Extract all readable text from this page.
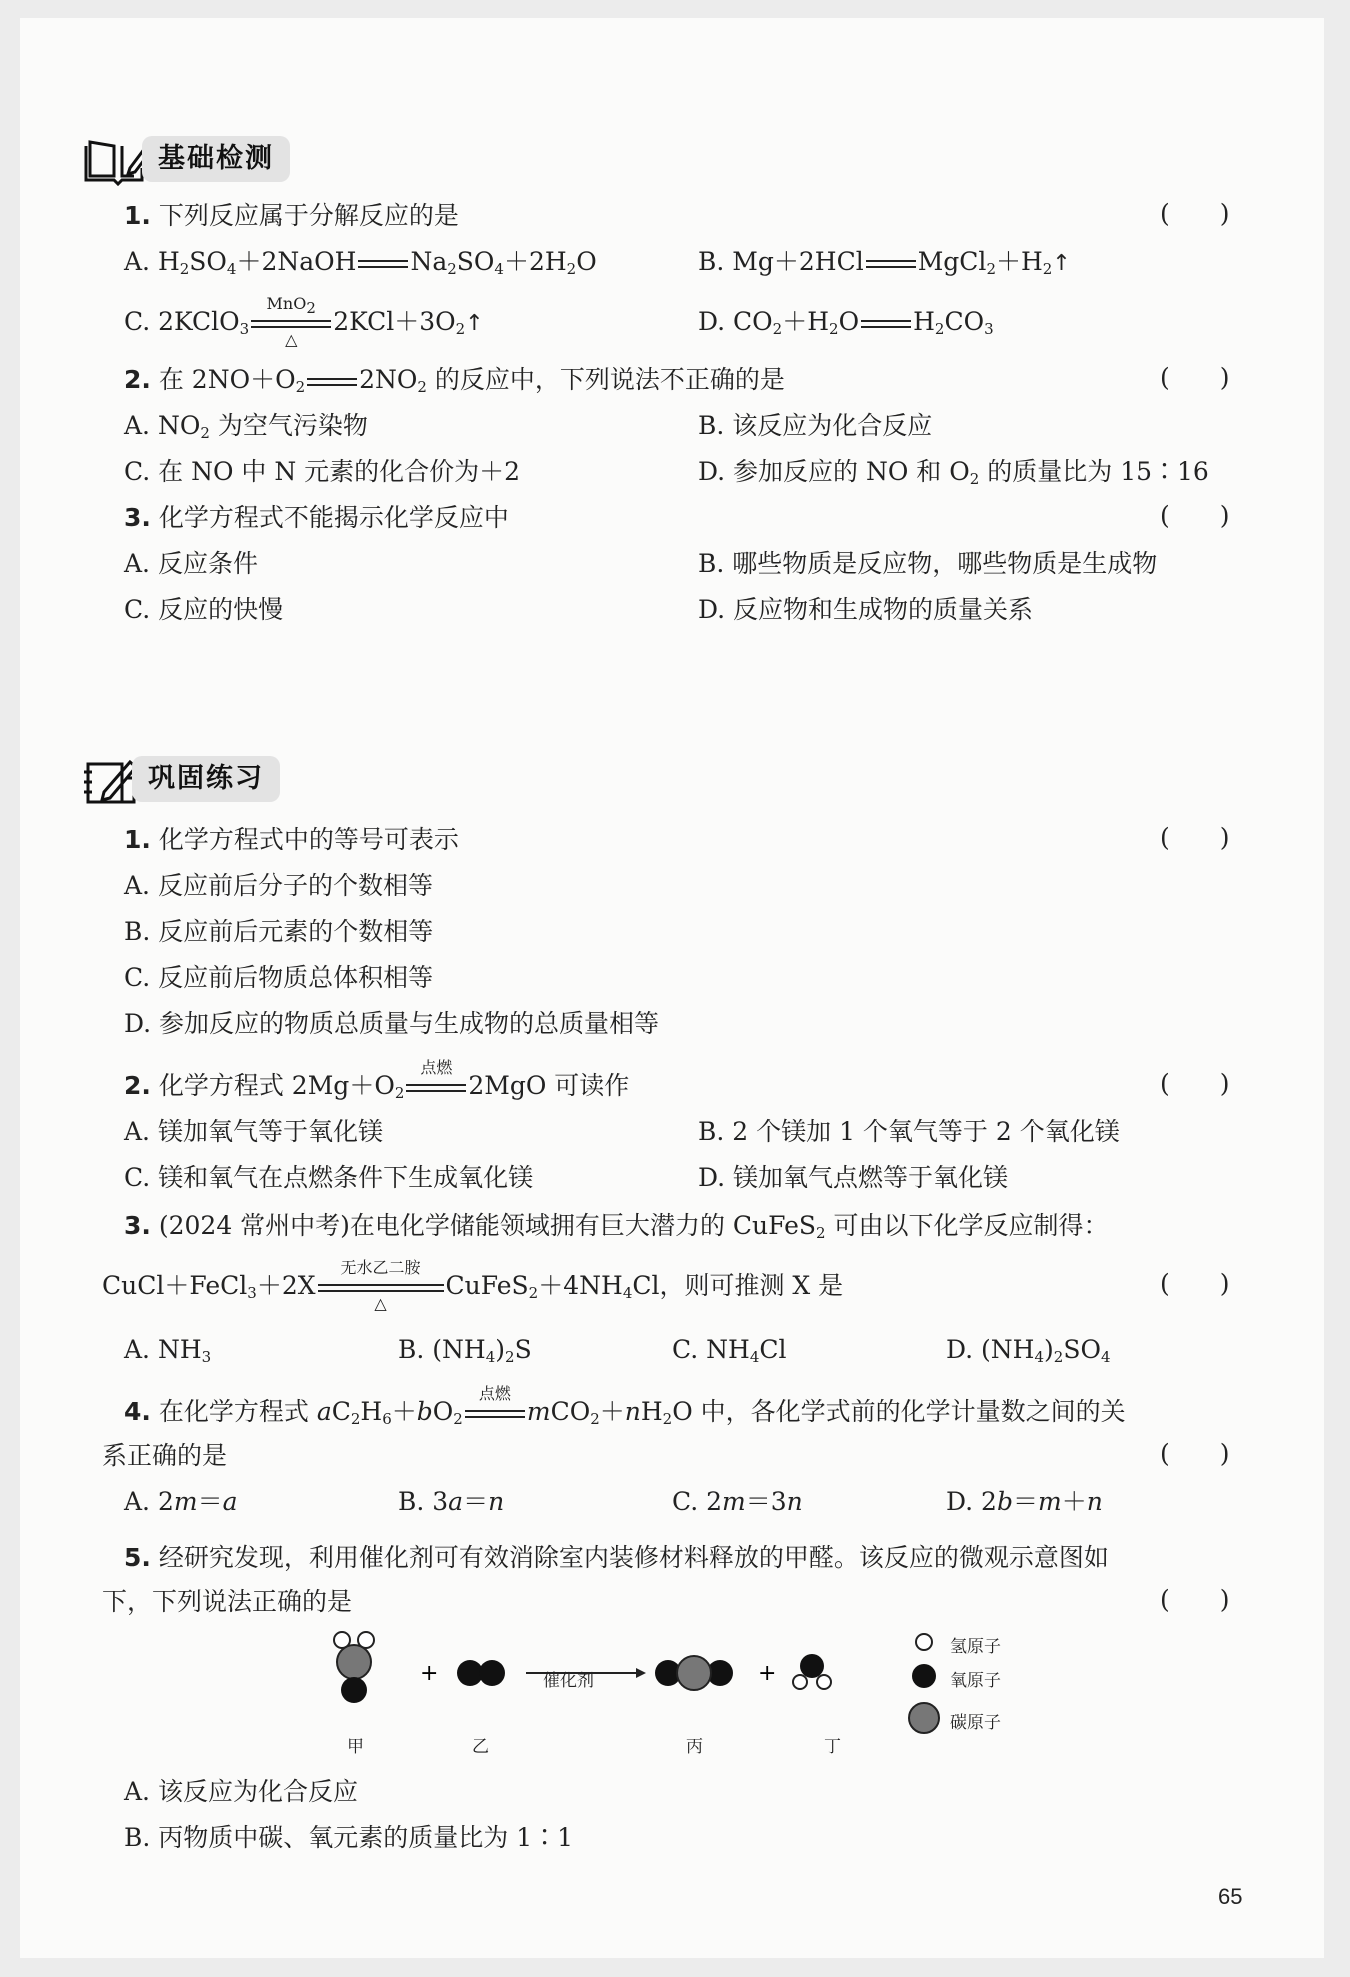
基础检测
1. 下列反应属于分解反应的是	(　　)
A. $H_2SO_4+2NaOH$ $Na_2SO_4+2H_2O$	B. Mg＋2HCl $MgCl_2+H_2↑$
C. 2KClO$_3$
MnO$_2$
△
$2KCl+3O_2↑$	D. $CO_2+H_2O$ $H_2CO_3$
2. 在 $2NO+O_2$ $2NO_2$ 的反应中，下列说法不正确的是	(　　)
A. $NO_2$ 为空气污染物	B. 该反应为化合反应
C. 在 NO 中 N 元素的化合价为＋2	D. 参加反应的 NO 和 $O_2$ 的质量比为 15∶16
3. 化学方程式不能揭示化学反应中	(　　)
A. 反应条件	B. 哪些物质是反应物，哪些物质是生成物
C. 反应的快慢	D. 反应物和生成物的质量关系
巩固练习
1. 化学方程式中的等号可表示	(　　)
A. 反应前后分子的个数相等
B. 反应前后元素的个数相等
C. 反应前后物质总体积相等
D. 参加反应的物质总质量与生成物的总质量相等
2. 化学方程式 $2Mg+O_2$
点燃
2MgO 可读作	(　　)
A. 镁加氧气等于氧化镁	B. 2 个镁加 1 个氧气等于 2 个氧化镁
C. 镁和氧气在点燃条件下生成氧化镁	D. 镁加氧气点燃等于氧化镁
3. (2024 常州中考)在电化学储能领域拥有巨大潜力的 CuFeS$_2$ 可由以下化学反应制得：
CuCl＋FeCl$_3$＋2X
无水乙二胺
△
$CuFeS_2+4NH_4Cl$，则可推测 X 是	(　　)
A. $NH_3$	B. $(NH_4)_2S$	C. $NH_4Cl$	D. $(NH_4)_2SO_4$
4. 在化学方程式 $aC_2H_6+bO_2$
点燃
$mCO_2+nH_2O$ 中，各化学式前的化学计量数之间的关
系正确的是	(　　)
A. 2m＝a	B. 3a＝n	C. 2m＝3n	D. 2b＝m＋n
5. 经研究发现，利用催化剂可有效消除室内装修材料释放的甲醛。该反应的微观示意图如
下，下列说法正确的是	(　　)
+	+
催化剂
甲	乙	丙	丁
氢原子
氧原子
碳原子
A. 该反应为化合反应
B. 丙物质中碳、氧元素的质量比为 1∶1
65
